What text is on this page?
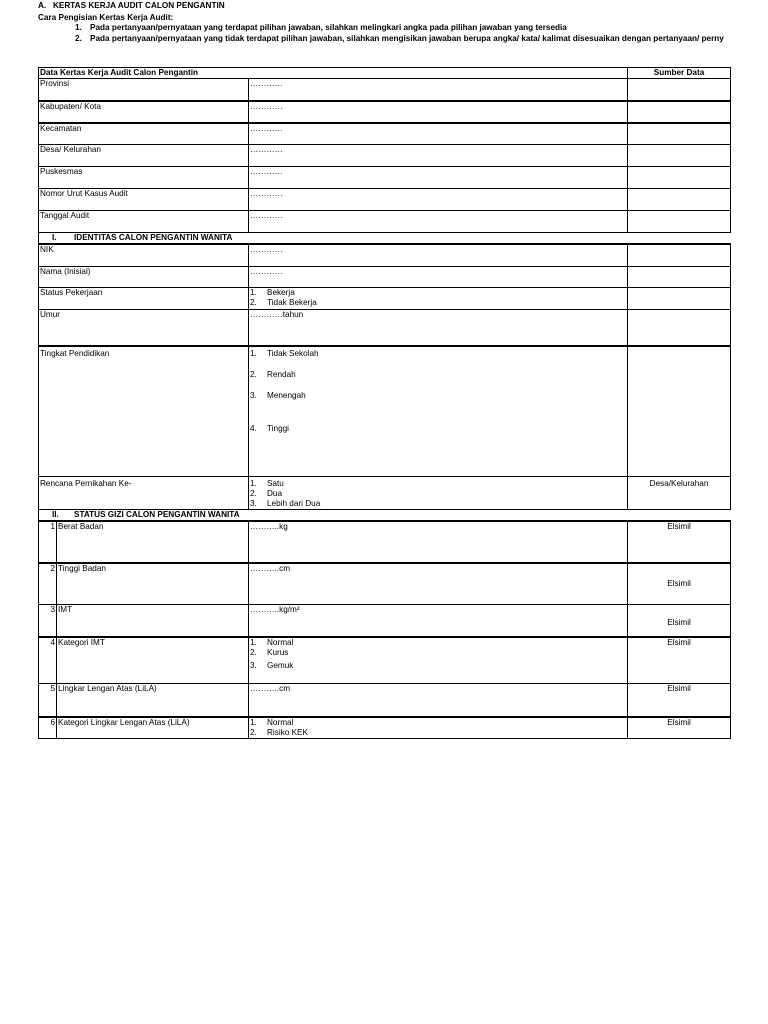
A. KERTAS KERJA AUDIT CALON PENGANTIN
Cara Pengisian Kertas Kerja Audit:
1. Pada pertanyaan/pernyataan yang terdapat pilihan jawaban, silahkan melingkari angka pada pilihan jawaban yang tersedia
2. Pada pertanyaan/pernyataan yang tidak terdapat pilihan jawaban, silahkan mengisikan jawaban berupa angka/ kata/ kalimat disesuaikan dengan pertanyaan/ perny
Data Kertas Kerja Audit Calon Pengantin			Sumber Data
Provinsi		…………	
Kabupaten/ Kota		…………	
Kecamatan		…………	
Desa/ Kelurahan		…………	
Puskesmas		…………	
Nomor Urut Kasus Audit		…………	
Tanggal Audit		…………	
I. IDENTITAS CALON PENGANTIN WANITA			
NIK		…………	
Nama (Inisial)		…………	
Status Pekerjaan		1. Bekerja
2. Tidak Bekerja	

Umur		…………tahun	
Tingkat Pendidikan		1. Tidak Sekolah
2. Rendah
3. Menengah
4. Tinggi	

Rencana Pernikahan Ke-		1. Satu
2. Dua
3. Lebih dari Dua	Desa/Kelurahan
II. STATUS GIZI CALON PENGANTIN WANITA			
1	Berat Badan	………..kg	Elsimil
2	Tinggi Badan	………..cm	Elsimil
3	IMT	………..kg/m²	Elsimil
4	Kategori IMT	1. Normal
2. Kurus
3. Gemuk	Elsimil
5	Lingkar Lengan Atas (LiLA)	………..cm	Elsimil
6	Kategori Lingkar Lengan Atas (LiLA)	1. Normal
2. Risiko KEK	Elsimil
